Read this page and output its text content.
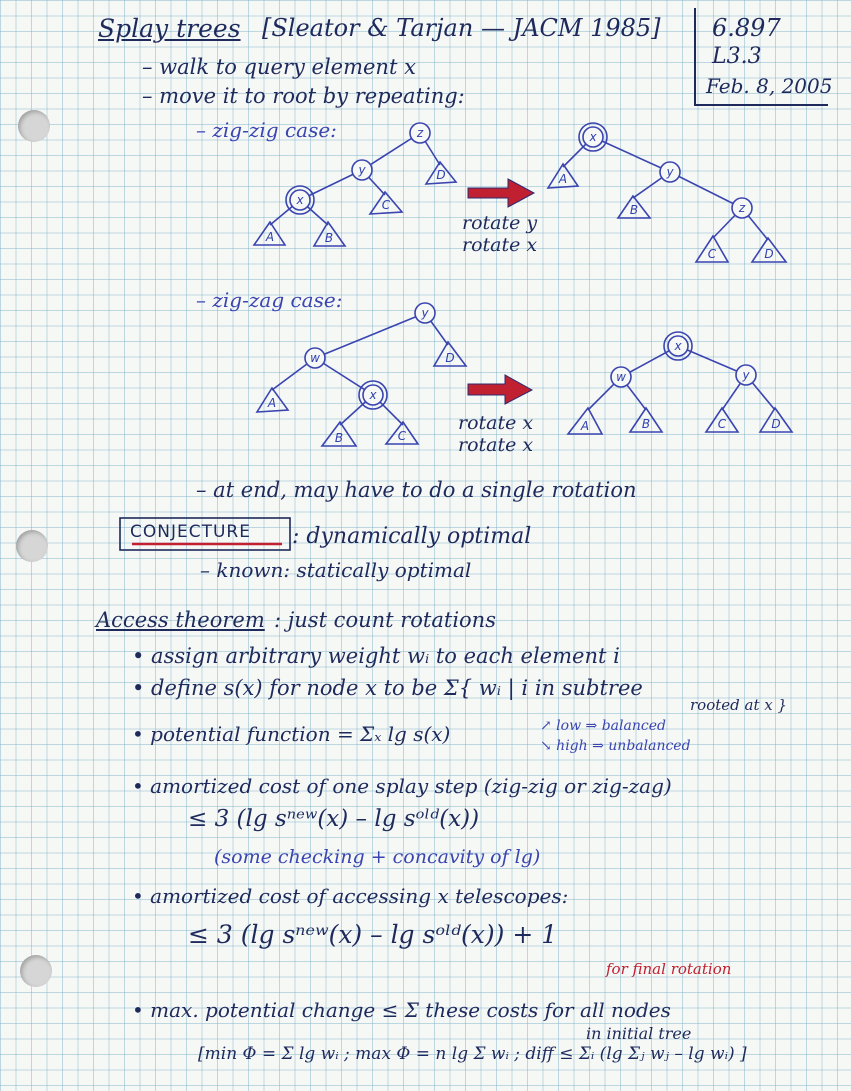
Splay trees [Sleator & Tarjan — JACM 1985] 6.897
L3.3
Feb. 8, 2005
– walk to query element x
– move it to root by repeating:
– zig-zig case:
rotate y
rotate x
– zig-zag case:
rotate x
rotate x
A	B
C
D	A
B
C	D
A
B	C
D
A	B	C	D
z
y
x
x
y
z
y
w
x
x
w	y
– at end, may have to do a single rotation
CONJECTURE : dynamically optimal
– known: statically optimal
Access theorem : just count rotations
• assign arbitrary weight wᵢ to each element i
• define s(x) for node x to be Σ{ wᵢ | i in subtree
rooted at x }
• potential function = Σₓ lg s(x)	↗ low ⇒ balanced
↘ high ⇒ unbalanced
• amortized cost of one splay step (zig-zig or zig-zag)
≤ 3 (lg sⁿᵉʷ(x) – lg sᵒˡᵈ(x))
(some checking + concavity of lg)
• amortized cost of accessing x telescopes:
≤ 3 (lg sⁿᵉʷ(x) – lg sᵒˡᵈ(x)) + 1
for final rotation
• max. potential change ≤ Σ these costs for all nodes
in initial tree
[min Φ = Σ lg wᵢ ; max Φ = n lg Σ wᵢ ; diff ≤ Σᵢ (lg Σⱼ wⱼ – lg wᵢ) ]
